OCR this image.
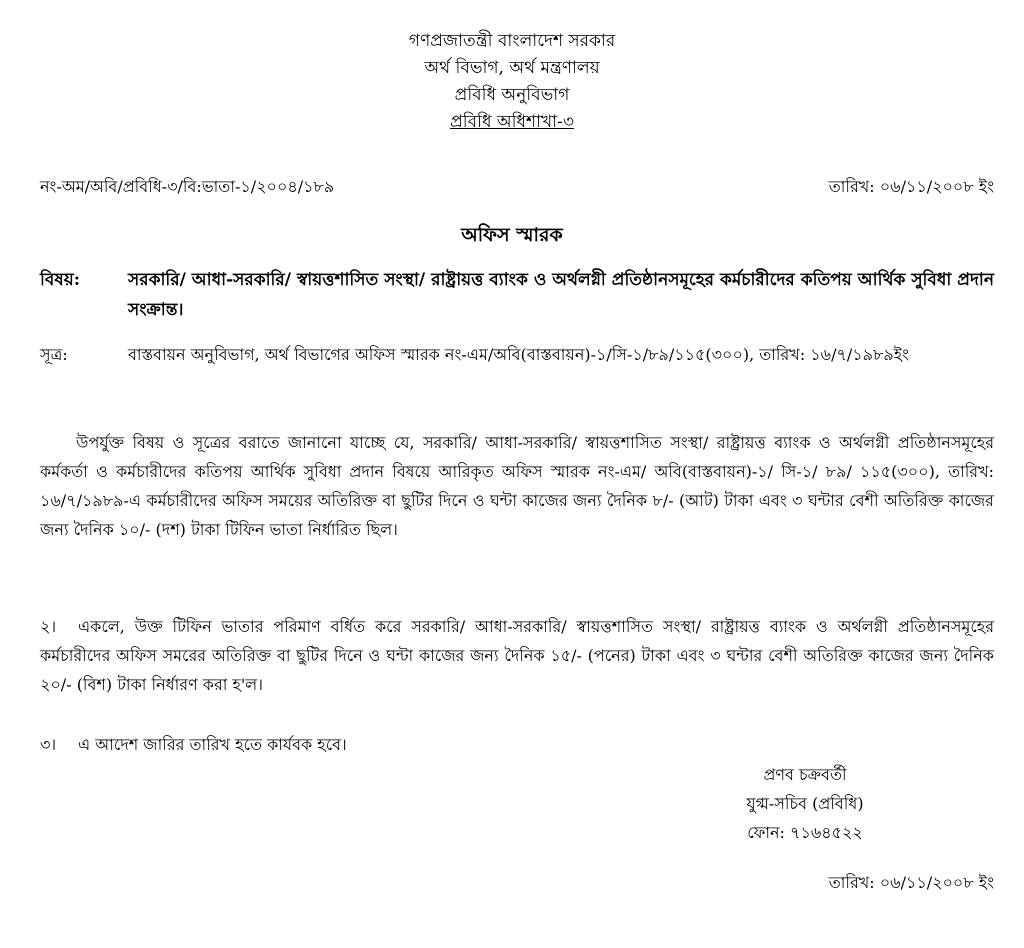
গণপ্রজাতন্ত্রী বাংলাদেশ সরকার
অর্থ বিভাগ, অর্থ মন্ত্রণালয়
প্রবিধি অনুবিভাগ
প্রবিধি অধিশাখা-৩
নং-অম/অবি/প্রবিধি-৩/বি:ভাতা-১/২০০৪/১৮৯	তারিখ: ০৬/১১/২০০৮ ইং
অফিস স্মারক
বিষয়:	সরকারি/ আধা-সরকারি/ স্বায়ত্তশাসিত সংস্থা/ রাষ্ট্রায়ত্ত ব্যাংক ও অর্থলগ্নী প্রতিষ্ঠানসমূহের কর্মচারীদের কতিপয় আর্থিক সুবিধা প্রদান সংক্রান্ত।
সূত্র:	বাস্তবায়ন অনুবিভাগ, অর্থ বিভাগের অফিস স্মারক নং-এম/অবি(বাস্তবায়ন)-১/সি-১/৮৯/১১৫(৩০০), তারিখ: ১৬/৭/১৯৮৯ইং
উপর্যুক্ত বিষয় ও সূত্রের বরাতে জানানো যাচ্ছে যে, সরকারি/ আধা-সরকারি/ স্বায়ত্তশাসিত সংস্থা/ রাষ্ট্রায়ত্ত ব্যাংক ও অর্থলগ্নী প্রতিষ্ঠানসমূহের কর্মকর্তা ও কর্মচারীদের কতিপয় আর্থিক সুবিধা প্রদান বিষয়ে আরিকৃত অফিস স্মারক নং-এম/ অবি(বাস্তবায়ন)-১/ সি-১/ ৮৯/ ১১৫(৩০০), তারিখ: ১৬/৭/১৯৮৯-এ কর্মচারীদের অফিস সময়ের অতিরিক্ত বা ছুটির দিনে ও ঘন্টা কাজের জন্য দৈনিক ৮/- (আট) টাকা এবং ৩ ঘন্টার বেশী অতিরিক্ত কাজের জন্য দৈনিক ১০/- (দশ) টাকা টিফিন ভাতা নির্ধারিত ছিল।
২। একলে, উক্ত টিফিন ভাতার পরিমাণ বর্ধিত করে সরকারি/ আধা-সরকারি/ স্বায়ত্তশাসিত সংস্থা/ রাষ্ট্রায়ত্ত ব্যাংক ও অর্থলগ্নী প্রতিষ্ঠানসমূহের কর্মচারীদের অফিস সমরের অতিরিক্ত বা ছুটির দিনে ও ঘন্টা কাজের জন্য দৈনিক ১৫/- (পনের) টাকা এবং ৩ ঘন্টার বেশী অতিরিক্ত কাজের জন্য দৈনিক ২০/- (বিশ) টাকা নির্ধারণ করা হ'ল।
৩। এ আদেশ জারির তারিখ হতে কার্যবক হবে।
প্রণব চক্রবর্তী
যুগ্ম-সচিব (প্রবিধি)
ফোন: ৭১৬৪৫২২
তারিখ: ০৬/১১/২০০৮ ইং
